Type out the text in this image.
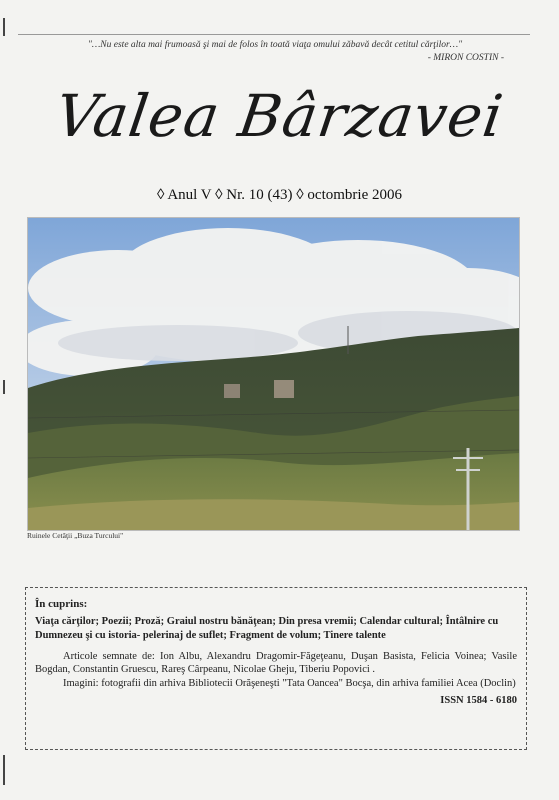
"…Nu este alta mai frumoasă şi mai de folos în toată viaţa omului zăbavă decât cetitul cărţilor…"
- MIRON COSTIN -
Valea Bârzavei
◊ Anul V ◊ Nr. 10 (43) ◊ octombrie 2006
Ruinele Cetăţii „Buza Turcului"
În cuprins:
Viaţa cărţilor; Poezii; Proză; Graiul nostru bănăţean; Din presa vremii; Calendar cultural; Întâlnire cu Dumnezeu şi cu istoria- pelerinaj de suflet; Fragment de volum; Tinere talente

Articole semnate de: Ion Albu, Alexandru Dragomir-Făgeţeanu, Duşan Basista, Felicia Voinea; Vasile Bogdan, Constantin Gruescu, Rareş Cârpeanu, Nicolae Gheju, Tiberiu Popovici .

Imagini: fotografii din arhiva Bibliotecii Orăşeneşti "Tata Oancea" Bocşa, din arhiva familiei Acea (Doclin)

ISSN 1584 - 6180
